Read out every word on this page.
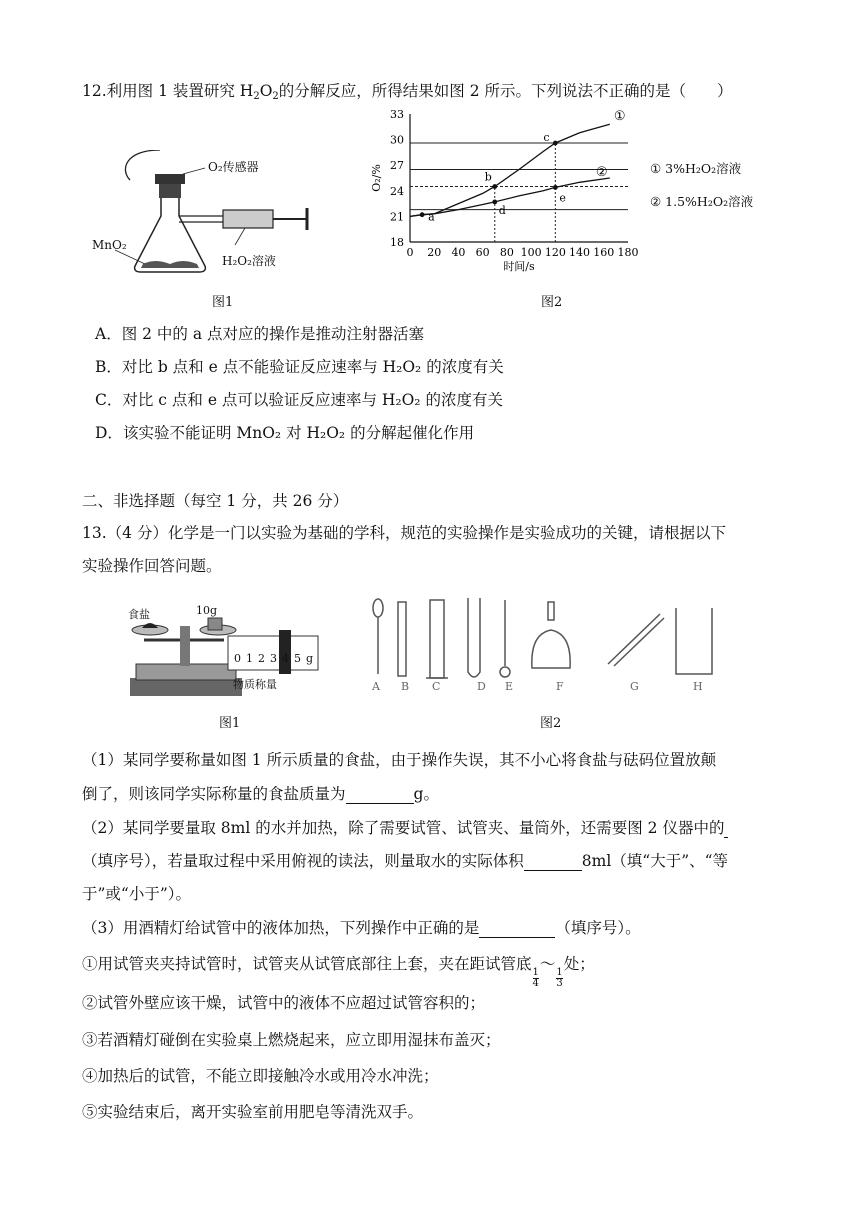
12.利用图 1 装置研究 $H_2O_2$的分解反应，所得结果如图 2 所示。下列说法不正确的是（　　）
O₂传感器
MnO₂
H₂O₂溶液
图1
0 20 40 60 80 100 120 140 160 180
18
21
24
27
30
33
时间/s
O₂/%
①
②
a
b
c
d
e
① 3%H₂O₂溶液
② 1.5%H₂O₂溶液
图2
A．图 2 中的 a 点对应的操作是推动注射器活塞
B．对比 b 点和 e 点不能验证反应速率与 H₂O₂ 的浓度有关
C．对比 c 点和 e 点可以验证反应速率与 H₂O₂ 的浓度有关
D．该实验不能证明 MnO₂ 对 H₂O₂ 的分解起催化作用
二、非选择题（每空 1 分，共 26 分）
13.（4 分）化学是一门以实验为基础的学科，规范的实验操作是实验成功的关键，请根据以下
实验操作回答问题。
食盐	10g
012345g
物质称量
图1
A B C	D E	F	G	H
图2
（1）某同学要称量如图 1 所示质量的食盐，由于操作失误，其不小心将食盐与砝码位置放颠
倒了，则该同学实际称量的食盐质量为	g。
（2）某同学要量取 8ml 的水并加热，除了需要试管、试管夹、量筒外，还需要图 2 仪器中的
（填序号），若量取过程中采用俯视的读法，则量取水的实际体积	8ml（填“大于”、“等
于”或“小于”）。
（3）用酒精灯给试管中的液体加热，下列操作中正确的是	（填序号）。
①用试管夹夹持试管时，试管夹从试管底部往上套，夹在距试管底
$\frac{1}{4}$
～
$\frac{1}{3}$
处；
②试管外壁应该干燥，试管中的液体不应超过试管容积的；
③若酒精灯碰倒在实验桌上燃烧起来，应立即用湿抹布盖灭；
④加热后的试管，不能立即接触冷水或用冷水冲洗；
⑤实验结束后，离开实验室前用肥皂等清洗双手。
